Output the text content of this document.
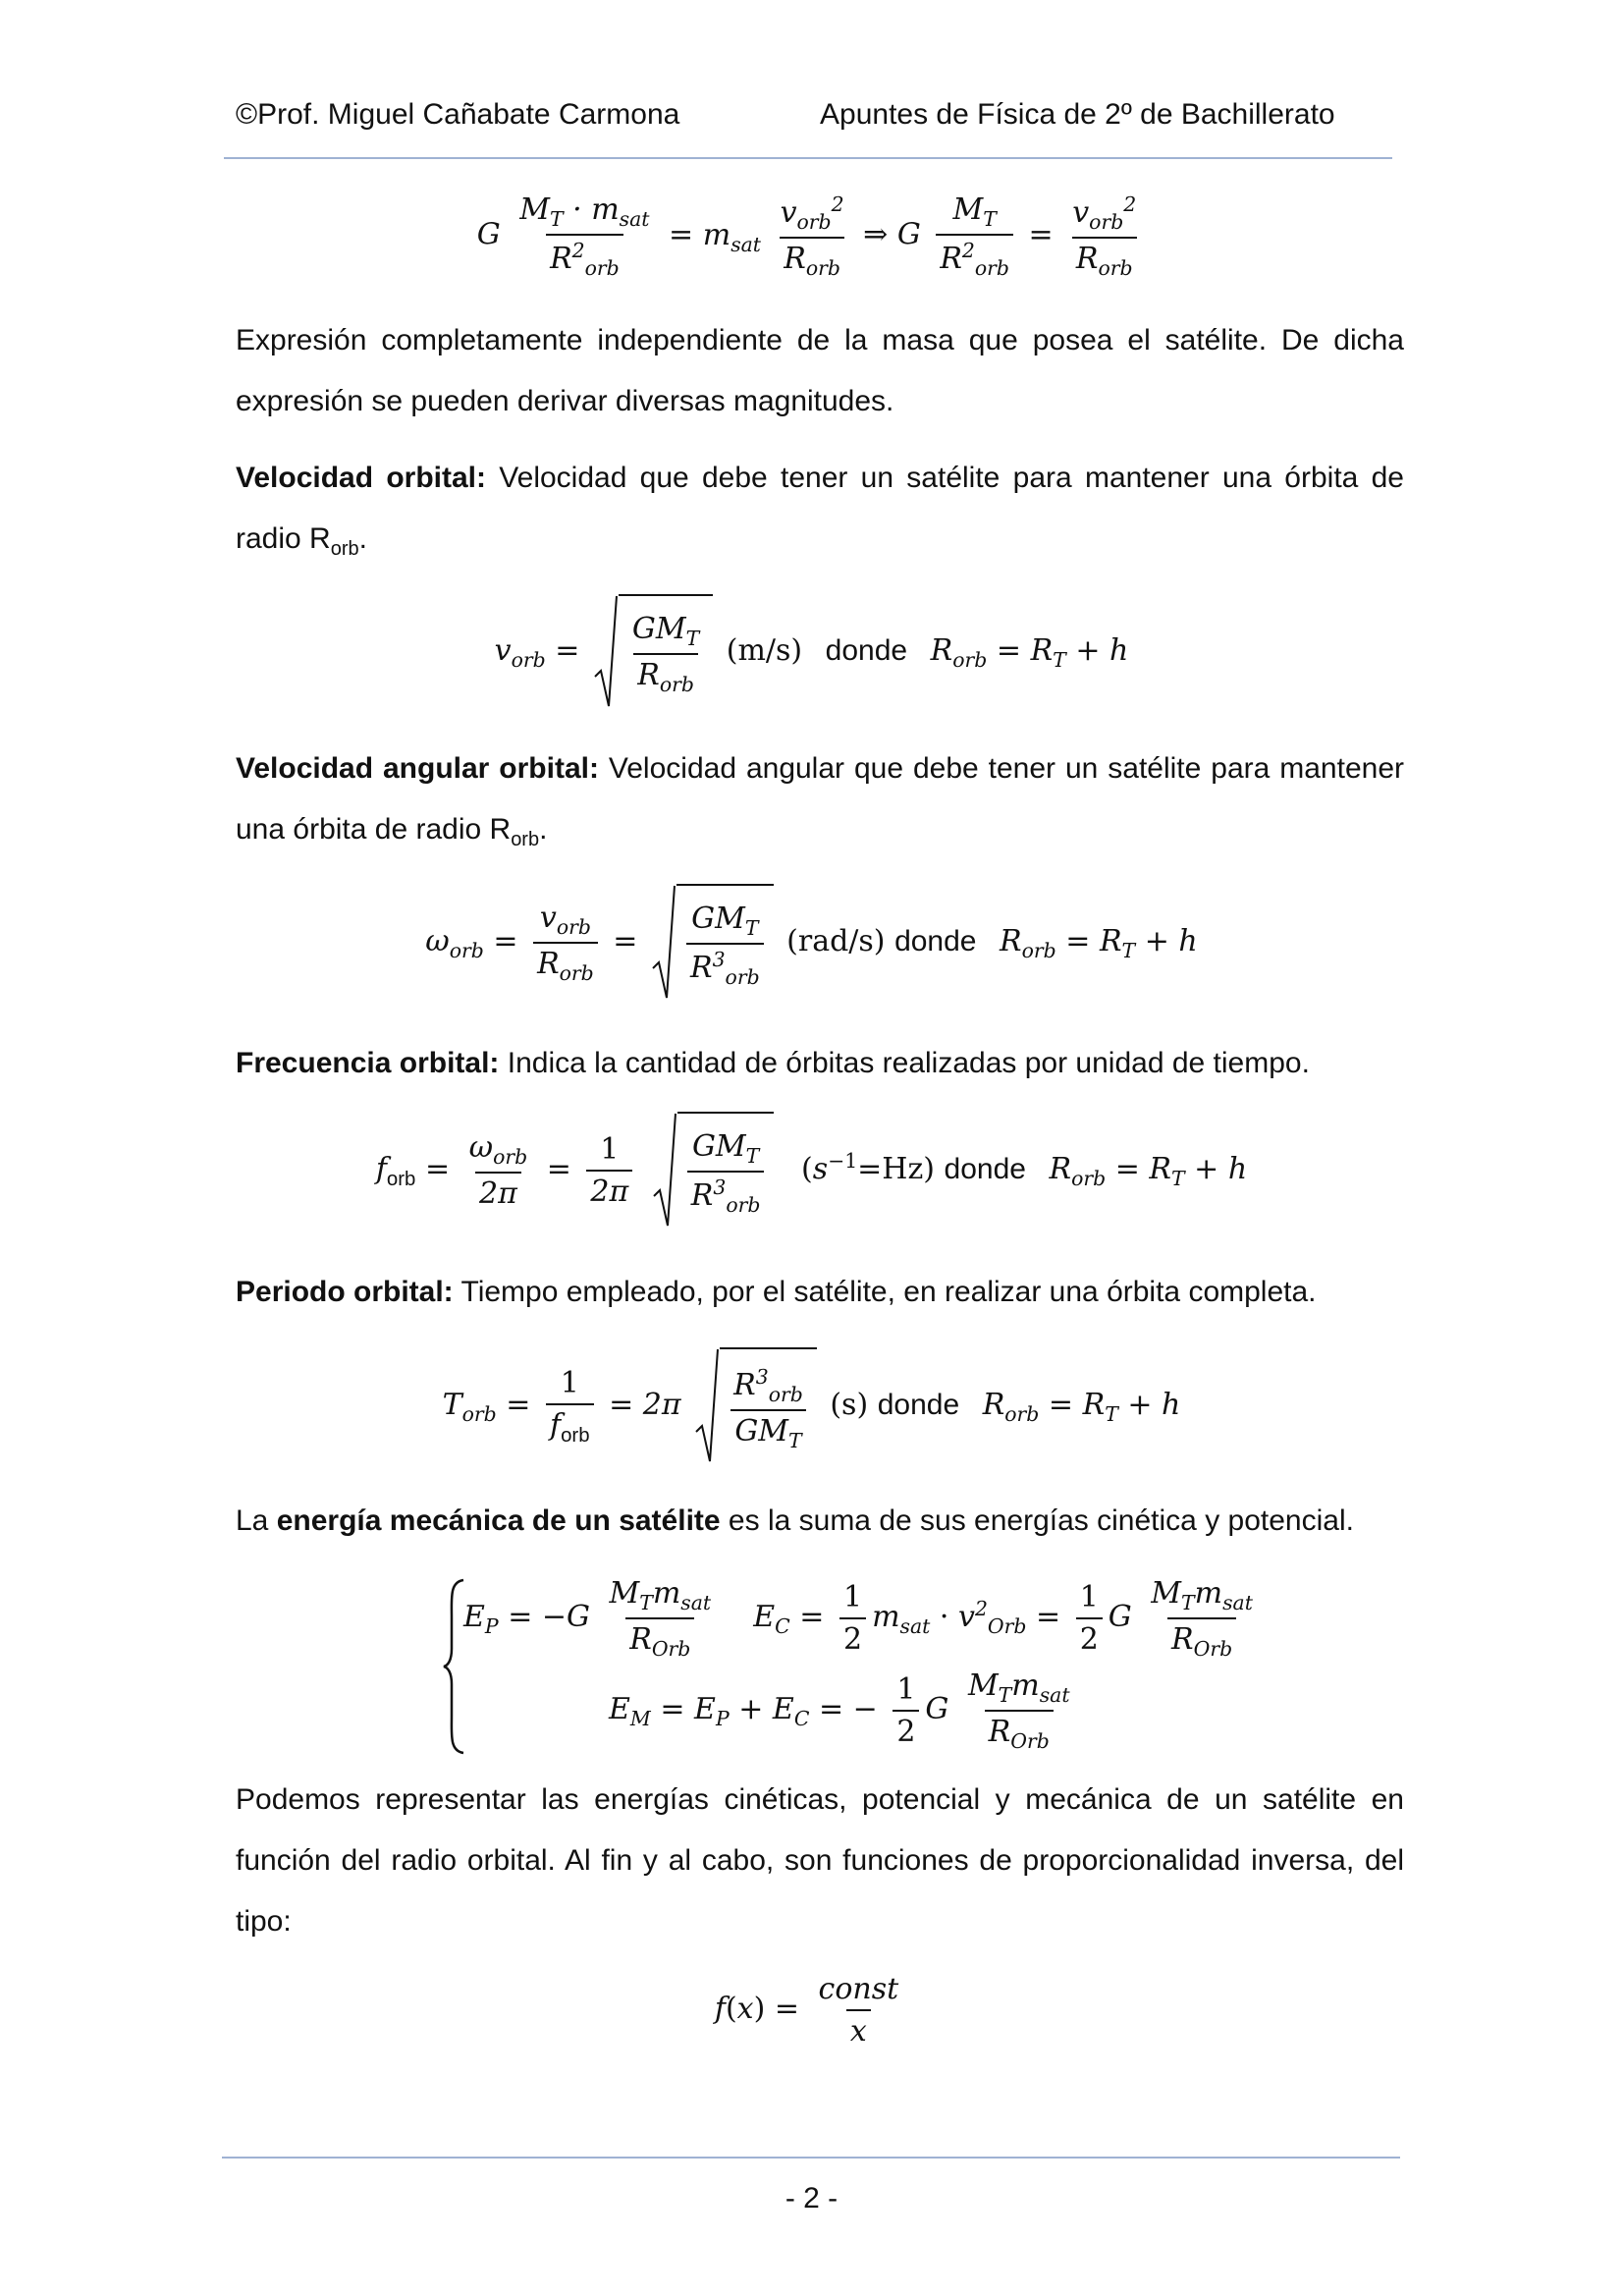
©Prof. Miguel Cañabate Carmona	Apuntes de Física de 2º de Bachillerato
G $\frac{M_T \cdot m_{sat}}{R^2_{orb}} = m_{sat} \frac{v_{orb}^2}{R_{orb}}$ ⇒ G $\frac{M_T}{R^2_{orb}} = \frac{v_{orb}^2}{R_{orb}}$

Expresión completamente independiente de la masa que posea el satélite. De dicha expresión se pueden derivar diversas magnitudes.

Velocidad orbital: Velocidad que debe tener un satélite para mantener una órbita de radio $R_{orb}$.

$v_{orb} = \frac{GM_T}{R_{orb}} (m/s)$ donde $R_{orb} = R_T + h$

Velocidad angular orbital: Velocidad angular que debe tener un satélite para mantener una órbita de radio $R_{orb}$.

$\omega_{orb} = \frac{v_{orb}}{R_{orb}} = \frac{GM_T}{R^3_{orb}} (rad/s)$ donde $R_{orb} = R_T + h$

Frecuencia orbital: Indica la cantidad de órbitas realizadas por unidad de tiempo.

$f_{orb} = \frac{\omega_{orb}}{2\pi} = \frac{1}{2\pi}$
$\frac{GM_T}{R^3_{orb}} (s^{-1}=Hz)$ donde $R_{orb} = R_T + h$

Periodo orbital: Tiempo empleado, por el satélite, en realizar una órbita completa.

$T_{orb} = \frac{1}{f_{orb}} = 2\pi \frac{R^3_{orb}}{GM_T} (s)$ donde $R_{orb} = R_T + h$

La energía mecánica de un satélite es la suma de sus energías cinética y potencial.

$E_P = -G \frac{M_Tm_{sat}}{R_{Orb}} E_C = \frac{1}{2} m_{sat} \cdot v^2_{Orb} = \frac{1}{2}$ G $\frac{M_Tm_{sat}}{R_{Orb}}$
$E_M = E_P + E_C$ = − $\frac{1}{2}$ G $\frac{M_Tm_{sat}}{R_{Orb}}$

Podemos representar las energías cinéticas, potencial y mecánica de un satélite en función del radio orbital. Al fin y al cabo, son funciones de proporcionalidad inversa, del tipo:

$f(x) = \frac{\text{const}}{x}$
- 2 -
